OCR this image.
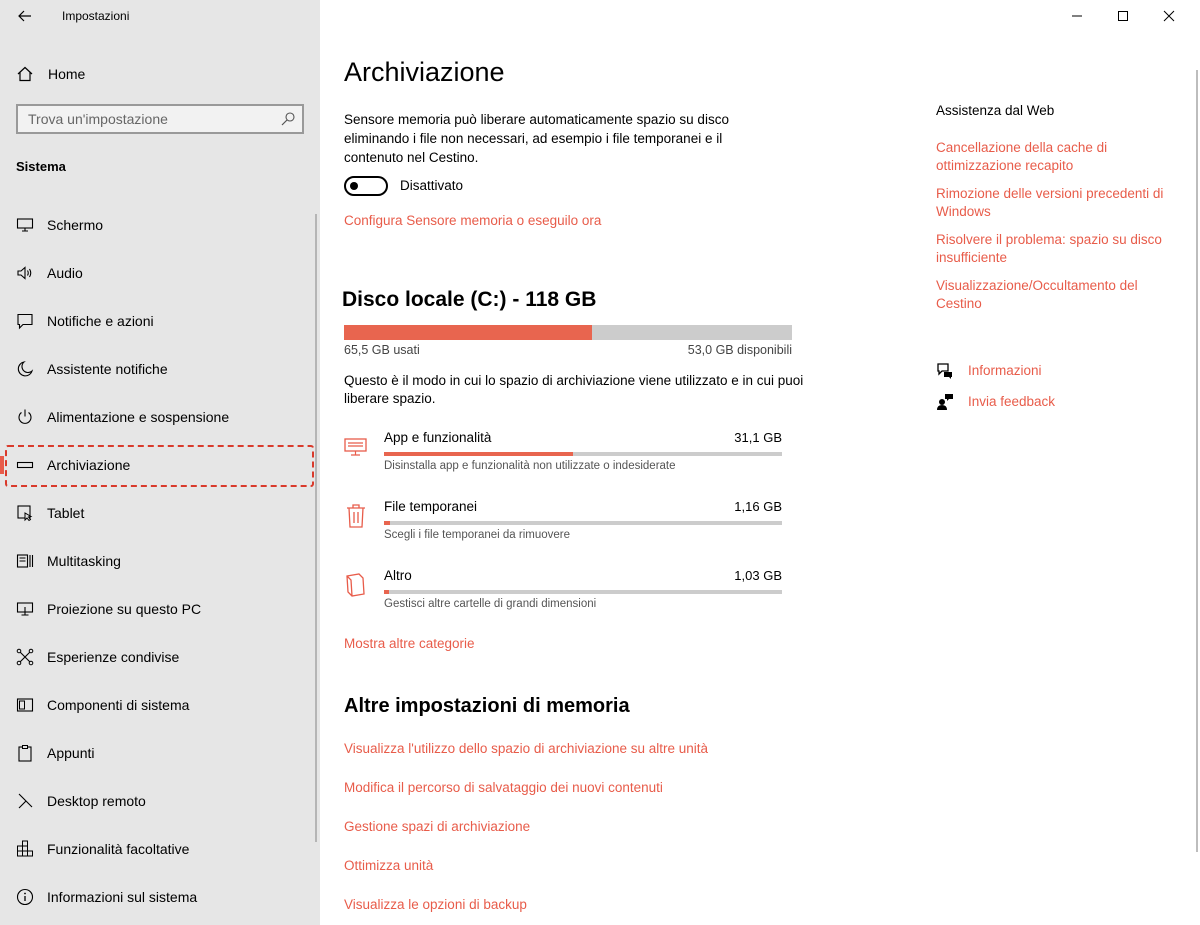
Impostazioni
Home
Trova un'impostazione
Sistema
Schermo
Audio
Notifiche e azioni
Assistente notifiche
Alimentazione e sospensione
Archiviazione
Tablet
Multitasking
Proiezione su questo PC
Esperienze condivise
Componenti di sistema
Appunti
Desktop remoto
Funzionalità facoltative
Informazioni sul sistema
Archiviazione

Sensore memoria può liberare automaticamente spazio su disco eliminando i file non necessari, ad esempio i file temporanei e il contenuto nel Cestino.

Disattivato
Configura Sensore memoria o eseguilo ora
Disco locale (C:) - 118 GB
65,5 GB usati	53,0 GB disponibili

Questo è il modo in cui lo spazio di archiviazione viene utilizzato e in cui puoi liberare spazio.

App e funzionalità	31,1 GB
Disinstalla app e funzionalità non utilizzate o indesiderate
File temporanei	1,16 GB
Scegli i file temporanei da rimuovere
Altro	1,03 GB
Gestisci altre cartelle di grandi dimensioni
Mostra altre categorie
Altre impostazioni di memoria
Visualizza l'utilizzo dello spazio di archiviazione su altre unità
Modifica il percorso di salvataggio dei nuovi contenuti
Gestione spazi di archiviazione
Ottimizza unità
Visualizza le opzioni di backup
Assistenza dal Web
Cancellazione della cache di ottimizzazione recapito
Rimozione delle versioni precedenti di Windows
Risolvere il problema: spazio su disco insufficiente
Visualizzazione/Occultamento del Cestino
Informazioni
Invia feedback
